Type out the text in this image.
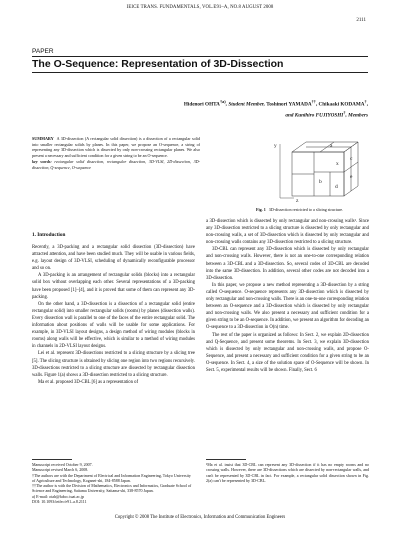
IEICE TRANS. FUNDAMENTALS, VOL.E91–A, NO.8 AUGUST 2008
2111
PAPER
The O-Sequence: Representation of 3D-Dissection
Hidenori OHTA$^{\dagger a)}$, Student Member, Toshinori YAMADA††, Chikaaki KODAMA†,
and Kunihiro FUJIYOSHI†, Members
SUMMARY A 3D-dissection (A rectangular solid dissection) is a dissection of a rectangular solid into smaller rectangular solids by planes. In this paper, we propose an O-sequence, a string of representing any 3D-dissection which is dissected by only non-crossing rectangular planes. We also present a necessary and sufficient condition for a given string to be an O-sequence.
key words: rectangular solid dissection, rectangular dissection, 3D-VLSI, 2D-dissection, 3D-dissection, Q-sequence, O-sequence
y	a
c
x
b
e
d
z
Fig. 1 3D-dissection restricted to a slicing structure.
1. Introduction

Recently, a 3D-packing and a rectangular solid dissection (3D-dissection) have attracted attention, and have been studied much. They will be usable in various fields, e.g. layout design of 3D-VLSI, scheduling of dynamically reconfigurable processor and so on.

A 3D-packing is an arrangement of rectangular solids (blocks) into a rectangular solid box without overlapping each other. Several representations of a 3D-packing have been proposed [1]–[4], and it is proved that some of them can represent any 3D-packing.

On the other hand, a 3D-dissection is a dissection of a rectangular solid (entire rectangular solid) into smaller rectangular solids (rooms) by planes (dissection walls). Every dissection wall is parallel to one of the faces of the entire rectangular solid. The information about positions of walls will be usable for some applications. For example, in 3D-VLSI layout designs, a design method of wiring modules (blocks in rooms) along walls will be effective, which is similar to a method of wiring modules in channels in 2D-VLSI layout designs.

Lei et al. represent 3D-dissections restricted to a slicing structure by a slicing tree [5]. The slicing structure is obtained by slicing one region into two regions recursively. 3D-dissections restricted to a slicing structure are dissected by rectangular dissection walls. Figure 1(a) shows a 3D-dissection restricted to a slicing structure.

Ma et al. proposed 3D-CBL [6] as a representation of

a 3D-dissection which is dissected by only rectangular and non-crossing walls¹. Since any 3D-dissection restricted to a slicing structure is dissected by only rectangular and non-crossing walls, a set of 3D-dissection which is dissected by only rectangular and non-crossing walls contains any 3D-dissection restricted to a slicing structure.

3D-CBL can represent any 3D-dissection which is dissected by only rectangular and non-crossing walls. However, there is not an one-to-one corresponding relation between a 3D-CBL and a 3D-dissection. So, several codes of 3D-CBL are decoded into the same 3D-dissection. In addition, several other codes are not decoded into a 3D-dissection.

In this paper, we propose a new method representing a 3D-dissection by a string called O-sequence. O-sequence represents any 3D-dissection which is dissected by only rectangular and non-crossing walls. There is an one-to-one corresponding relation between an O-sequence and a 3D-dissection which is dissected by only rectangular and non-crossing walls. We also present a necessary and sufficient condition for a given string to be an O-sequence. In addition, we present an algorithm for decoding an O-sequence to a 3D-dissection in O(n) time.

The rest of the paper is organized as follows: In Sect. 2, we explain 2D-dissection and Q-Sequence, and present some theorems. In Sect. 3, we explain 3D-dissection which is dissected by only rectangular and non-crossing walls, and propose O-Sequence, and present a necessary and sufficient condition for a given string to be an O-sequence. In Sect. 4, a size of the solution space of O-Sequence will be shown. In Sect. 5, experimental results will be shown. Finally, Sect. 6

Manuscript received October 9, 2007.

Manuscript revised March 6, 2008.

†The authors are with the Department of Electrical and Information Engineering, Tokyo University of Agriculture and Technology, Koganei-shi, 184-8588 Japan.

††The author is with the Division of Mathematics, Electronics and Informatics, Graduate School of Science and Engineering, Saitama University, Saitama-shi, 338-8570 Japan.

a) E-mail: otah@fabcc.tuat.ac.jp

DOI: 10.1093/ietfec/e91–a.8.2111

¹Ma et al. insist that 3D-CBL can represent any 3D-dissection if it has no empty rooms and no crossing walls. However, there are 3D-dissections which are dissected by non-rectangular walls, and can't be represented by 3D-CBL in fact. For example, a rectangular solid dissection shown in Fig. 2(a) can't be represented by 3D-CBL.
Copyright © 2008 The Institute of Electronics, Information and Communication Engineers
